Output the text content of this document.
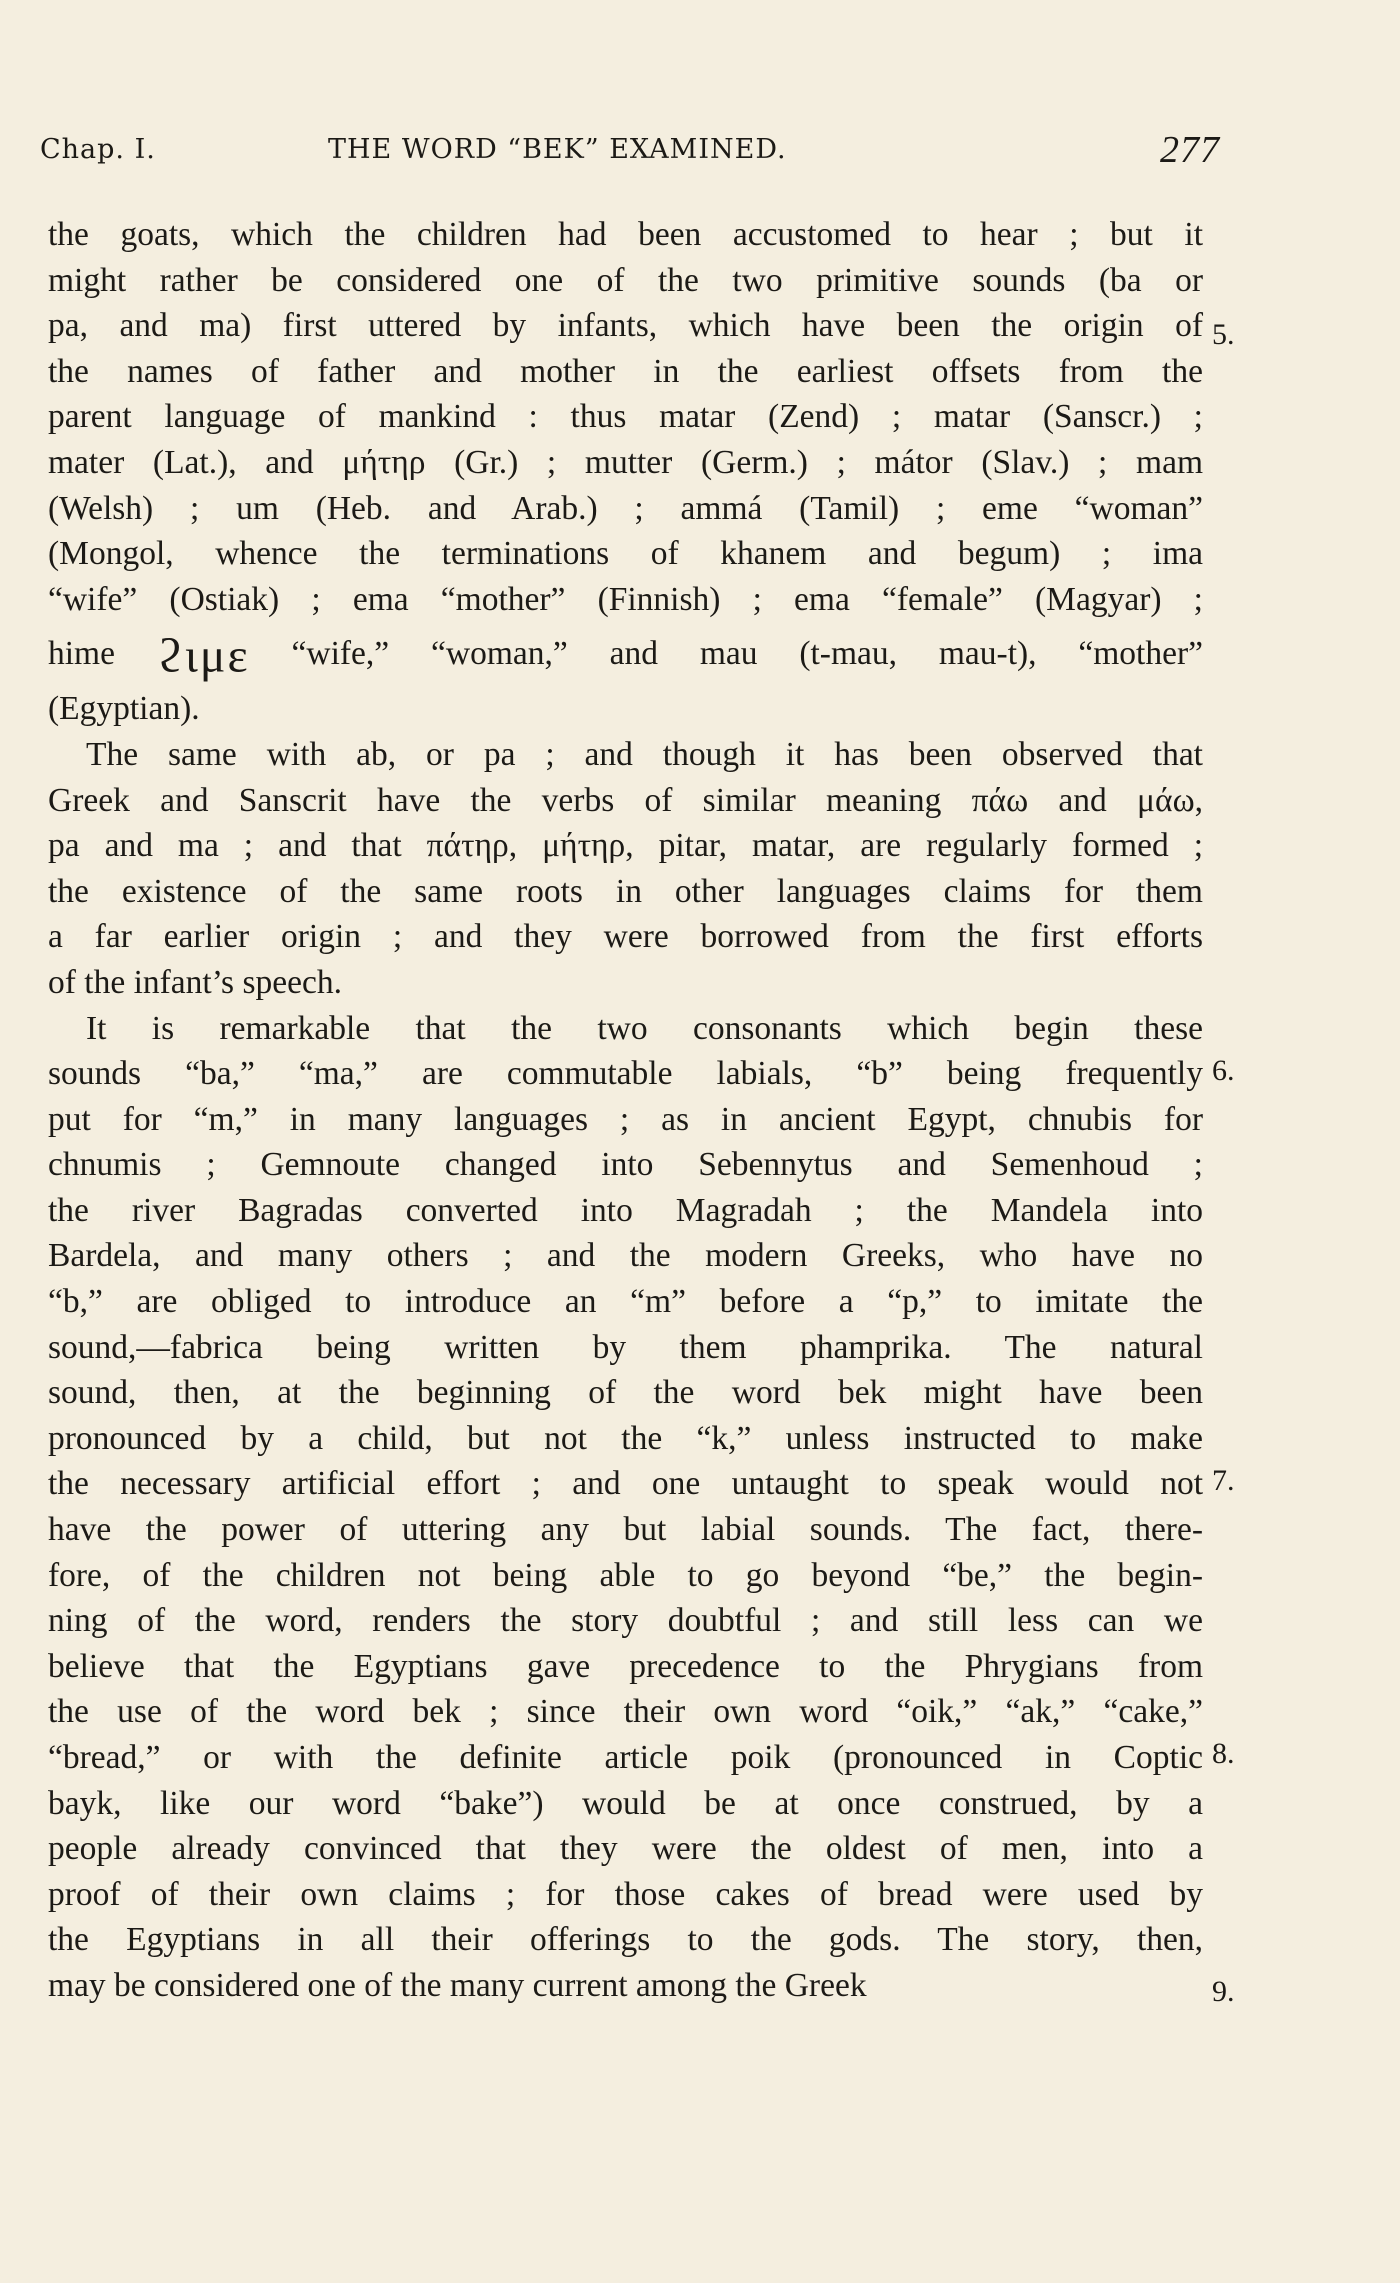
Chap. I.	THE WORD “BEK” EXAMINED.	277
the goats, which the children had been accustomed to hear ; but it
might rather be considered one of the two primitive sounds (ba or
pa, and ma) first uttered by infants, which have been the origin of
the names of father and mother in the earliest offsets from the
parent language of mankind : thus matar (Zend) ; matar (Sanscr.) ;
mater (Lat.), and μήτηρ (Gr.) ; mutter (Germ.) ; mátor (Slav.) ; mam
(Welsh) ; um (Heb. and Arab.) ; ammá (Tamil) ; eme “woman”
(Mongol, whence the terminations of khanem and begum) ; ima
“wife” (Ostiak) ; ema “mother” (Finnish) ; ema “female” (Magyar) ;
hime ϩιμε “wife,” “woman,” and mau (t-mau, mau-t), “mother”
(Egyptian).
The same with ab, or pa ; and though it has been observed that
Greek and Sanscrit have the verbs of similar meaning πάω and μάω,
pa and ma ; and that πάτηρ, μήτηρ, pitar, matar, are regularly formed ;
the existence of the same roots in other languages claims for them
a far earlier origin ; and they were borrowed from the first efforts
of the infant’s speech.
It is remarkable that the two consonants which begin these
sounds “ba,” “ma,” are commutable labials, “b” being frequently
put for “m,” in many languages ; as in ancient Egypt, chnubis for
chnumis ; Gemnoute changed into Sebennytus and Semenhoud ;
the river Bagradas converted into Magradah ; the Mandela into
Bardela, and many others ; and the modern Greeks, who have no
“b,” are obliged to introduce an “m” before a “p,” to imitate the
sound,—fabrica being written by them phamprika. The natural
sound, then, at the beginning of the word bek might have been
pronounced by a child, but not the “k,” unless instructed to make
the necessary artificial effort ; and one untaught to speak would not
have the power of uttering any but labial sounds. The fact, there-
fore, of the children not being able to go beyond “be,” the begin-
ning of the word, renders the story doubtful ; and still less can we
believe that the Egyptians gave precedence to the Phrygians from
the use of the word bek ; since their own word “oik,” “ak,” “cake,”
“bread,” or with the definite article poik (pronounced in Coptic
bayk, like our word “bake”) would be at once construed, by a
people already convinced that they were the oldest of men, into a
proof of their own claims ; for those cakes of bread were used by
the Egyptians in all their offerings to the gods. The story, then,
may be considered one of the many current among the Greek
5.
6.
7.
8.
9.
